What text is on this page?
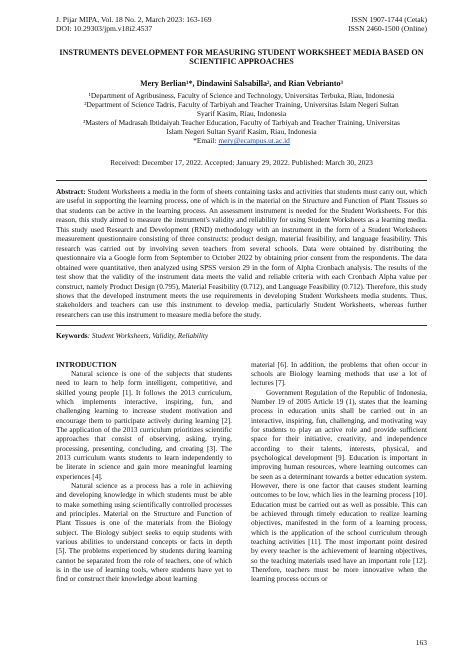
J. Pijar MIPA, Vol. 18 No. 2, March 2023: 163-169	ISSN 1907-1744 (Cetak)
DOI: 10.29303/jpm.v18i2.4537	ISSN 2460-1500 (Online)
INSTRUMENTS DEVELOPMENT FOR MEASURING STUDENT WORKSHEET MEDIA BASED ON
SCIENTIFIC APPROACHES
Mery Berlian¹*, Dindawini Salsabilla², and Rian Vebrianto³
¹Department of Agribusiness, Faculty of Science and Technology, Universitas Terbuka, Riau, Indonesia
²Department of Science Tadris, Faculty of Tarbiyah and Teacher Training, Universitas Islam Negeri Sultan
Syarif Kasim, Riau, Indonesia
³Masters of Madrasah Ibtidaiyah Teacher Education, Faculty of Tarbiyah and Teacher Training, Universitas
Islam Negeri Sultan Syarif Kasim, Riau, Indonesia
*Email: mery@ecampus.ut.ac.id
Received: December 17, 2022. Accepted: January 29, 2022. Published: March 30, 2023
Abstract: Student Worksheets a media in the form of sheets containing tasks and activities that students must carry out, which are useful in supporting the learning process, one of which is in the material on the Structure and Function of Plant Tissues so that students can be active in the learning process. An assessment instrument is needed for the Student Worksheets. For this reason, this study aimed to measure the instrument's validity and reliability for using Student Worksheets as a learning media. This study used Research and Development (RND) methodology with an instrument in the form of a Student Worksheets measurement questionnaire consisting of three constructs: product design, material feasibility, and language feasibility. This research was carried out by involving seven teachers from several schools. Data were obtained by distributing the questionnaire via a Google form from September to October 2022 by obtaining prior consent from the respondents. The data obtained were quantitative, then analyzed using SPSS version 29 in the form of Alpha Cronbach analysis. The results of the test show that the validity of the instrument data meets the valid and reliable criteria with each Cronbach Alpha value per construct, namely Product Design (0.795), Material Feasibility (0.712), and Language Feasibility (0.712). Therefore, this study shows that the developed instrument meets the use requirements in developing Student Worksheets media students. Thus, stakeholders and teachers can use this instrument to develop media, particularly Student Worksheets, whereas further researchers can use this instrument to measure media before the study.
Keywords: Student Worksheets, Validity, Reliability
INTRODUCTION

Natural science is one of the subjects that students need to learn to help form intelligent, competitive, and skilled young people [1]. It follows the 2013 curriculum, which implements interactive, inspiring, fun, and challenging learning to increase student motivation and encourage them to participate actively during learning [2]. The application of the 2013 curriculum prioritizes scientific approaches that consist of observing, asking, trying, processing, presenting, concluding, and creating [3]. The 2013 curriculum wants students to learn independently to be literate in science and gain more meaningful learning experiences [4].

Natural science as a process has a role in achieving and developing knowledge in which students must be able to make something using scientifically controlled processes and principles. Material on the Structure and Function of Plant Tissues is one of the materials from the Biology subject. The Biology subject seeks to equip students with various abilities to understand concepts or facts in depth [5]. The problems experienced by students during learning cannot be separated from the role of teachers, one of which is in the use of learning tools, where students have yet to find or construct their knowledge about learning

material [6]. In addition, the problems that often occur in schools are Biology learning methods that use a lot of lectures [7].

Government Regulation of the Republic of Indonesia, Number 19 of 2005 Article 19 (1), states that the learning process in education units shall be carried out in an interactive, inspiring, fun, challenging, and motivating way for students to play an active role and provide sufficient space for their initiative, creativity, and independence according to their talents, interests, physical, and psychological development [9]. Education is important in improving human resources, where learning outcomes can be seen as a determinant towards a better education system. However, there is one factor that causes student learning outcomes to be low, which lies in the learning process [10]. Education must be carried out as well as possible. This can be achieved through timely education to realize learning objectives, manifested in the form of a learning process, which is the application of the school curriculum through teaching activities [11]. The most important point desired by every teacher is the achievement of learning objectives, so the teaching materials used have an important role [12]. Therefore, teachers must be more innovative when the learning process occurs or

163
